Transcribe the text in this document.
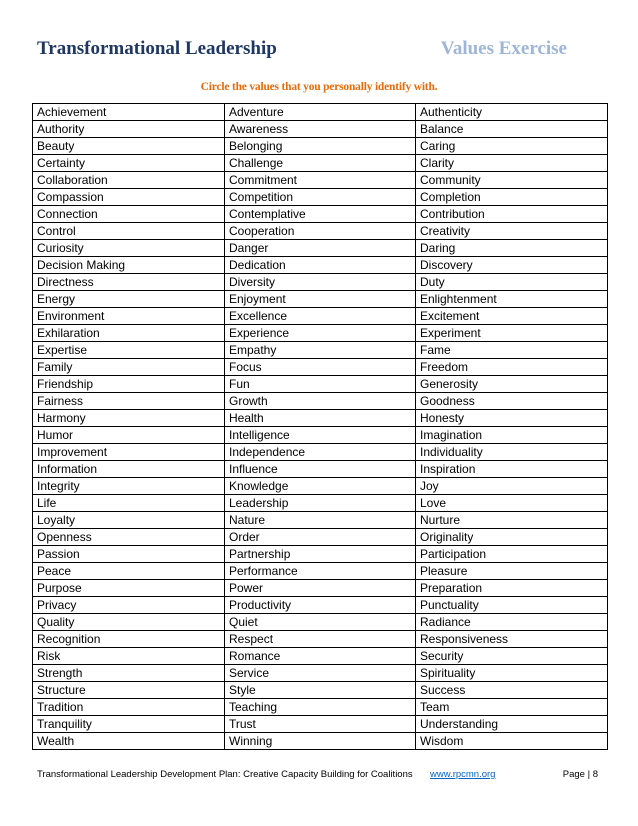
Transformational Leadership	Values Exercise
Circle the values that you personally identify with.
Achievement	Adventure	Authenticity
Authority	Awareness	Balance
Beauty	Belonging	Caring
Certainty	Challenge	Clarity
Collaboration	Commitment	Community
Compassion	Competition	Completion
Connection	Contemplative	Contribution
Control	Cooperation	Creativity
Curiosity	Danger	Daring
Decision Making	Dedication	Discovery
Directness	Diversity	Duty
Energy	Enjoyment	Enlightenment
Environment	Excellence	Excitement
Exhilaration	Experience	Experiment
Expertise	Empathy	Fame
Family	Focus	Freedom
Friendship	Fun	Generosity
Fairness	Growth	Goodness
Harmony	Health	Honesty
Humor	Intelligence	Imagination
Improvement	Independence	Individuality
Information	Influence	Inspiration
Integrity	Knowledge	Joy
Life	Leadership	Love
Loyalty	Nature	Nurture
Openness	Order	Originality
Passion	Partnership	Participation
Peace	Performance	Pleasure
Purpose	Power	Preparation
Privacy	Productivity	Punctuality
Quality	Quiet	Radiance
Recognition	Respect	Responsiveness
Risk	Romance	Security
Strength	Service	Spirituality
Structure	Style	Success
Tradition	Teaching	Team
Tranquility	Trust	Understanding
Wealth	Winning	Wisdom
Transformational Leadership Development Plan: Creative Capacity Building for Coalitions www.rpcmn.org	Page | 8
